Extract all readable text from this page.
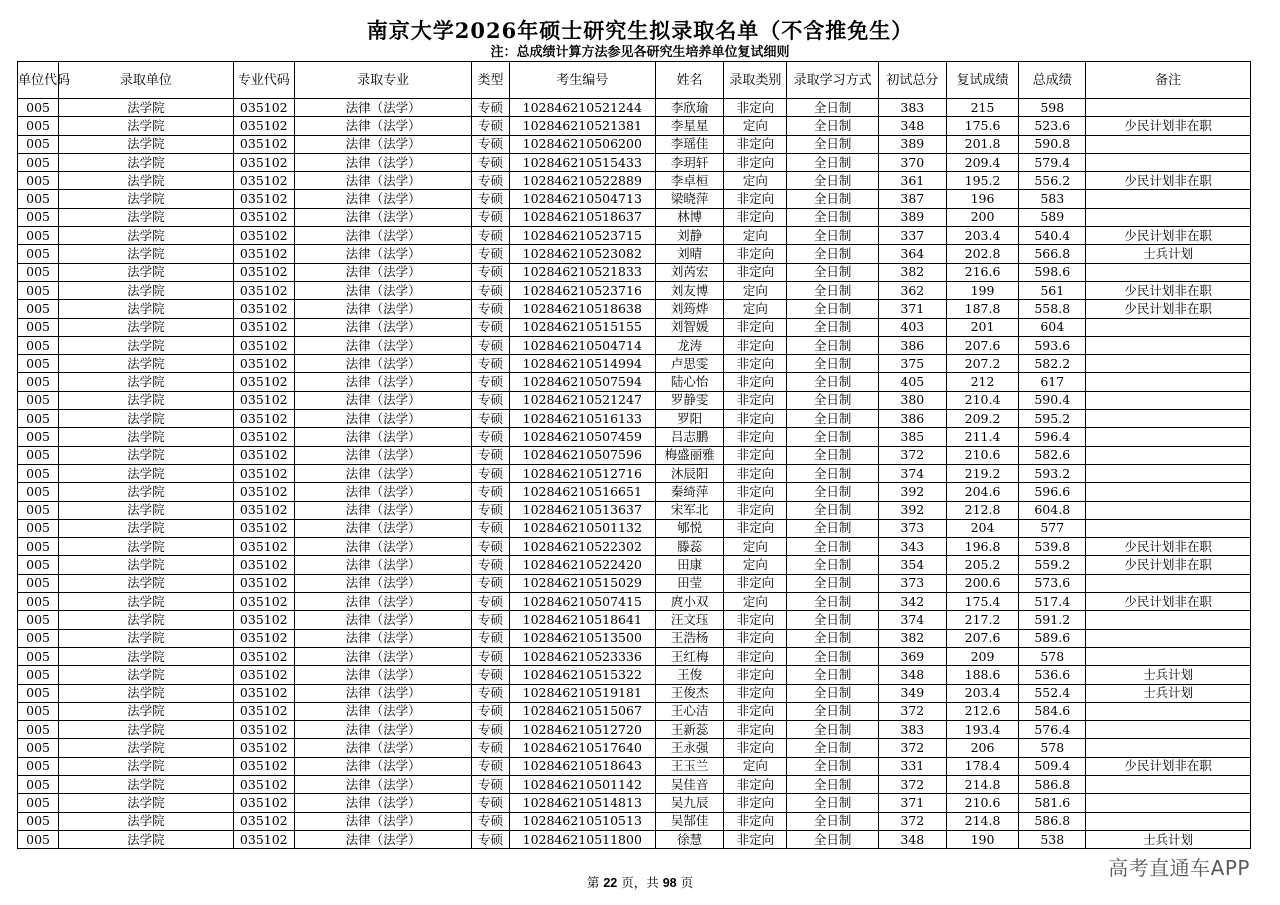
南京大学2026年硕士研究生拟录取名单（不含推免生）
注：总成绩计算方法参见各研究生培养单位复试细则
单位代码	录取单位	专业代码	录取专业	类型	考生编号	姓名	录取类别	录取学习方式	初试总分	复试成绩	总成绩	备注
005	法学院	035102	法律（法学）	专硕	102846210521244	李欣瑜	非定向	全日制	383	215	598	
005	法学院	035102	法律（法学）	专硕	102846210521381	李星星	定向	全日制	348	175.6	523.6	少民计划非在职
005	法学院	035102	法律（法学）	专硕	102846210506200	李瑶佳	非定向	全日制	389	201.8	590.8	
005	法学院	035102	法律（法学）	专硕	102846210515433	李玥轩	非定向	全日制	370	209.4	579.4	
005	法学院	035102	法律（法学）	专硕	102846210522889	李卓桓	定向	全日制	361	195.2	556.2	少民计划非在职
005	法学院	035102	法律（法学）	专硕	102846210504713	梁晓萍	非定向	全日制	387	196	583	
005	法学院	035102	法律（法学）	专硕	102846210518637	林博	非定向	全日制	389	200	589	
005	法学院	035102	法律（法学）	专硕	102846210523715	刘静	定向	全日制	337	203.4	540.4	少民计划非在职
005	法学院	035102	法律（法学）	专硕	102846210523082	刘晴	非定向	全日制	364	202.8	566.8	士兵计划
005	法学院	035102	法律（法学）	专硕	102846210521833	刘芮宏	非定向	全日制	382	216.6	598.6	
005	法学院	035102	法律（法学）	专硕	102846210523716	刘友博	定向	全日制	362	199	561	少民计划非在职
005	法学院	035102	法律（法学）	专硕	102846210518638	刘筠烨	定向	全日制	371	187.8	558.8	少民计划非在职
005	法学院	035102	法律（法学）	专硕	102846210515155	刘智媛	非定向	全日制	403	201	604	
005	法学院	035102	法律（法学）	专硕	102846210504714	龙涛	非定向	全日制	386	207.6	593.6	
005	法学院	035102	法律（法学）	专硕	102846210514994	卢思雯	非定向	全日制	375	207.2	582.2	
005	法学院	035102	法律（法学）	专硕	102846210507594	陆心怡	非定向	全日制	405	212	617	
005	法学院	035102	法律（法学）	专硕	102846210521247	罗静雯	非定向	全日制	380	210.4	590.4	
005	法学院	035102	法律（法学）	专硕	102846210516133	罗阳	非定向	全日制	386	209.2	595.2	
005	法学院	035102	法律（法学）	专硕	102846210507459	吕志鹏	非定向	全日制	385	211.4	596.4	
005	法学院	035102	法律（法学）	专硕	102846210507596	梅盛丽雅	非定向	全日制	372	210.6	582.6	
005	法学院	035102	法律（法学）	专硕	102846210512716	沐辰阳	非定向	全日制	374	219.2	593.2	
005	法学院	035102	法律（法学）	专硕	102846210516651	秦绮萍	非定向	全日制	392	204.6	596.6	
005	法学院	035102	法律（法学）	专硕	102846210513637	宋军北	非定向	全日制	392	212.8	604.8	
005	法学院	035102	法律（法学）	专硕	102846210501132	郇悦	非定向	全日制	373	204	577	
005	法学院	035102	法律（法学）	专硕	102846210522302	滕蕊	定向	全日制	343	196.8	539.8	少民计划非在职
005	法学院	035102	法律（法学）	专硕	102846210522420	田康	定向	全日制	354	205.2	559.2	少民计划非在职
005	法学院	035102	法律（法学）	专硕	102846210515029	田莹	非定向	全日制	373	200.6	573.6	
005	法学院	035102	法律（法学）	专硕	102846210507415	庹小双	定向	全日制	342	175.4	517.4	少民计划非在职
005	法学院	035102	法律（法学）	专硕	102846210518641	汪文珏	非定向	全日制	374	217.2	591.2	
005	法学院	035102	法律（法学）	专硕	102846210513500	王浩杨	非定向	全日制	382	207.6	589.6	
005	法学院	035102	法律（法学）	专硕	102846210523336	王红梅	非定向	全日制	369	209	578	
005	法学院	035102	法律（法学）	专硕	102846210515322	王俊	非定向	全日制	348	188.6	536.6	士兵计划
005	法学院	035102	法律（法学）	专硕	102846210519181	王俊杰	非定向	全日制	349	203.4	552.4	士兵计划
005	法学院	035102	法律（法学）	专硕	102846210515067	王心洁	非定向	全日制	372	212.6	584.6	
005	法学院	035102	法律（法学）	专硕	102846210512720	王新蕊	非定向	全日制	383	193.4	576.4	
005	法学院	035102	法律（法学）	专硕	102846210517640	王永强	非定向	全日制	372	206	578	
005	法学院	035102	法律（法学）	专硕	102846210518643	王玉兰	定向	全日制	331	178.4	509.4	少民计划非在职
005	法学院	035102	法律（法学）	专硕	102846210501142	吴佳音	非定向	全日制	372	214.8	586.8	
005	法学院	035102	法律（法学）	专硕	102846210514813	吴九辰	非定向	全日制	371	210.6	581.6	
005	法学院	035102	法律（法学）	专硕	102846210510513	吴郜佳	非定向	全日制	372	214.8	586.8	
005	法学院	035102	法律（法学）	专硕	102846210511800	徐慧	非定向	全日制	348	190	538	士兵计划
第 22 页，共 98 页
高考直通车APP
